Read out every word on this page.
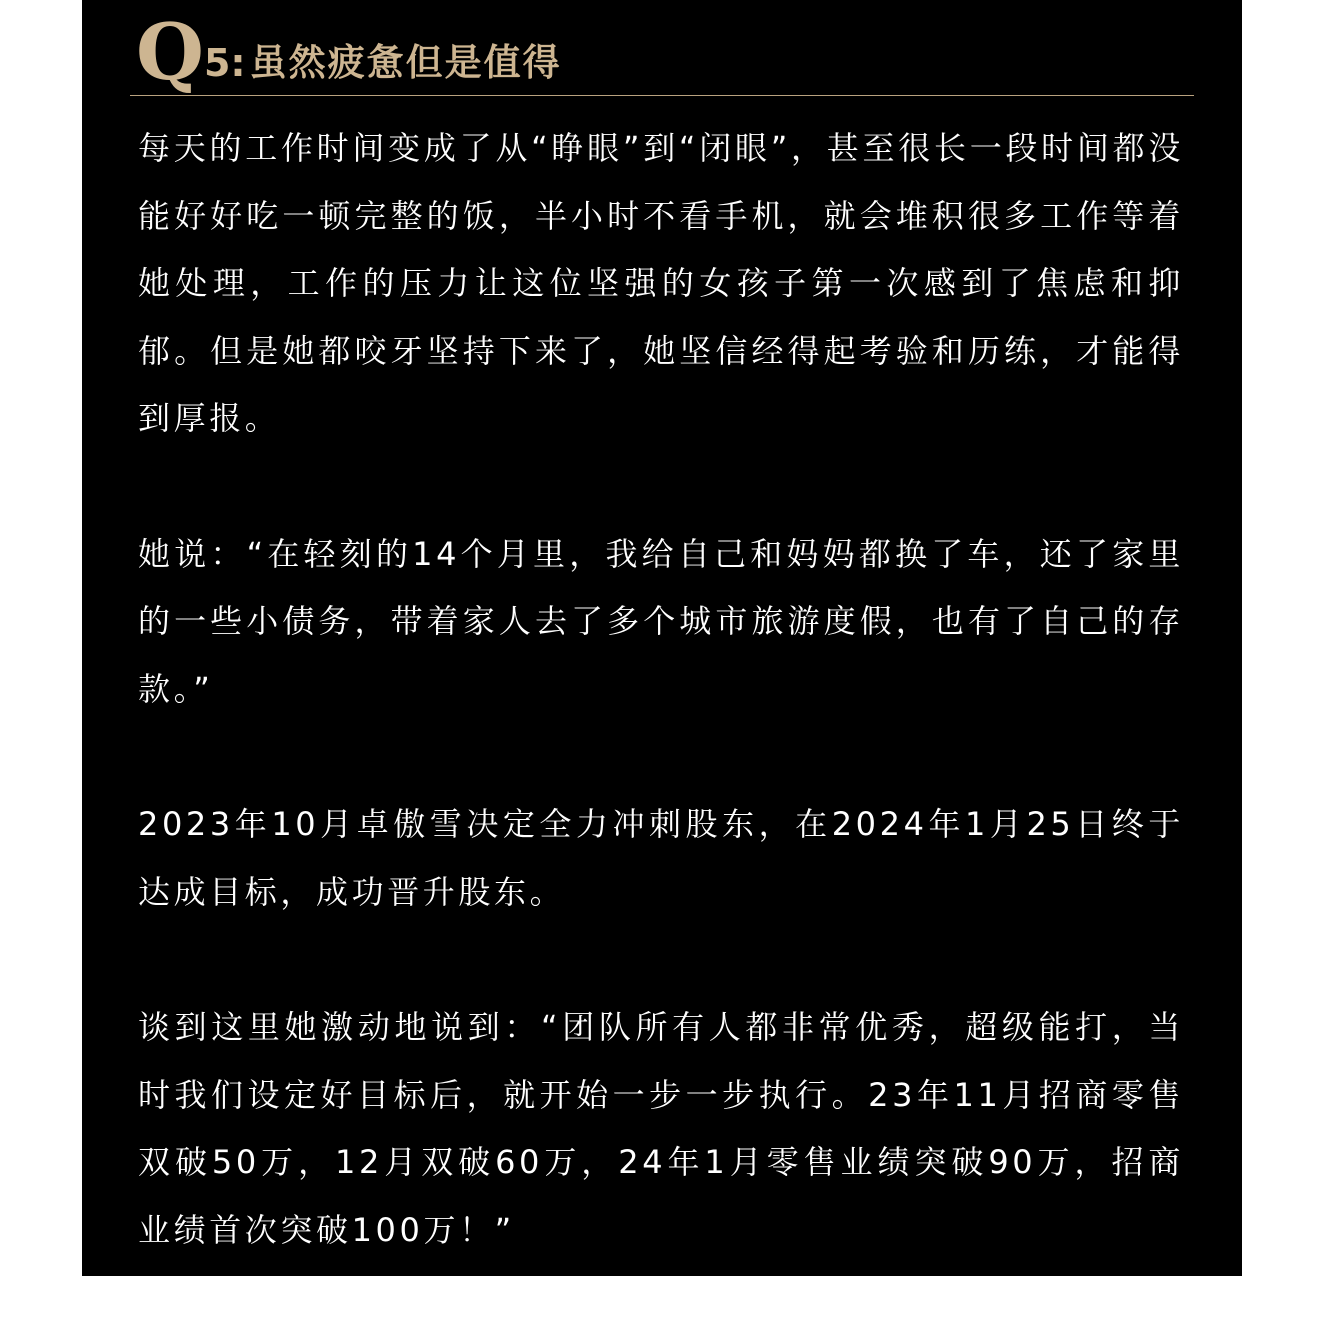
Q 5: 虽然疲惫但是值得

每天的工作时间变成了从“睁眼”到“闭眼”，甚至很长一段时间都没能好好吃一顿完整的饭，半小时不看手机，就会堆积很多工作等着她处理，工作的压力让这位坚强的女孩子第一次感到了焦虑和抑郁。但是她都咬牙坚持下来了，她坚信经得起考验和历练，才能得到厚报。

她说：“在轻刻的14个月里，我给自己和妈妈都换了车，还了家里的一些小债务，带着家人去了多个城市旅游度假，也有了自己的存款。”

2023年10月卓傲雪决定全力冲刺股东，在2024年1月25日终于达成目标，成功晋升股东。

谈到这里她激动地说到：“团队所有人都非常优秀，超级能打，当时我们设定好目标后，就开始一步一步执行。23年11月招商零售双破50万，12月双破60万，24年1月零售业绩突破90万，招商业绩首次突破100万！”
